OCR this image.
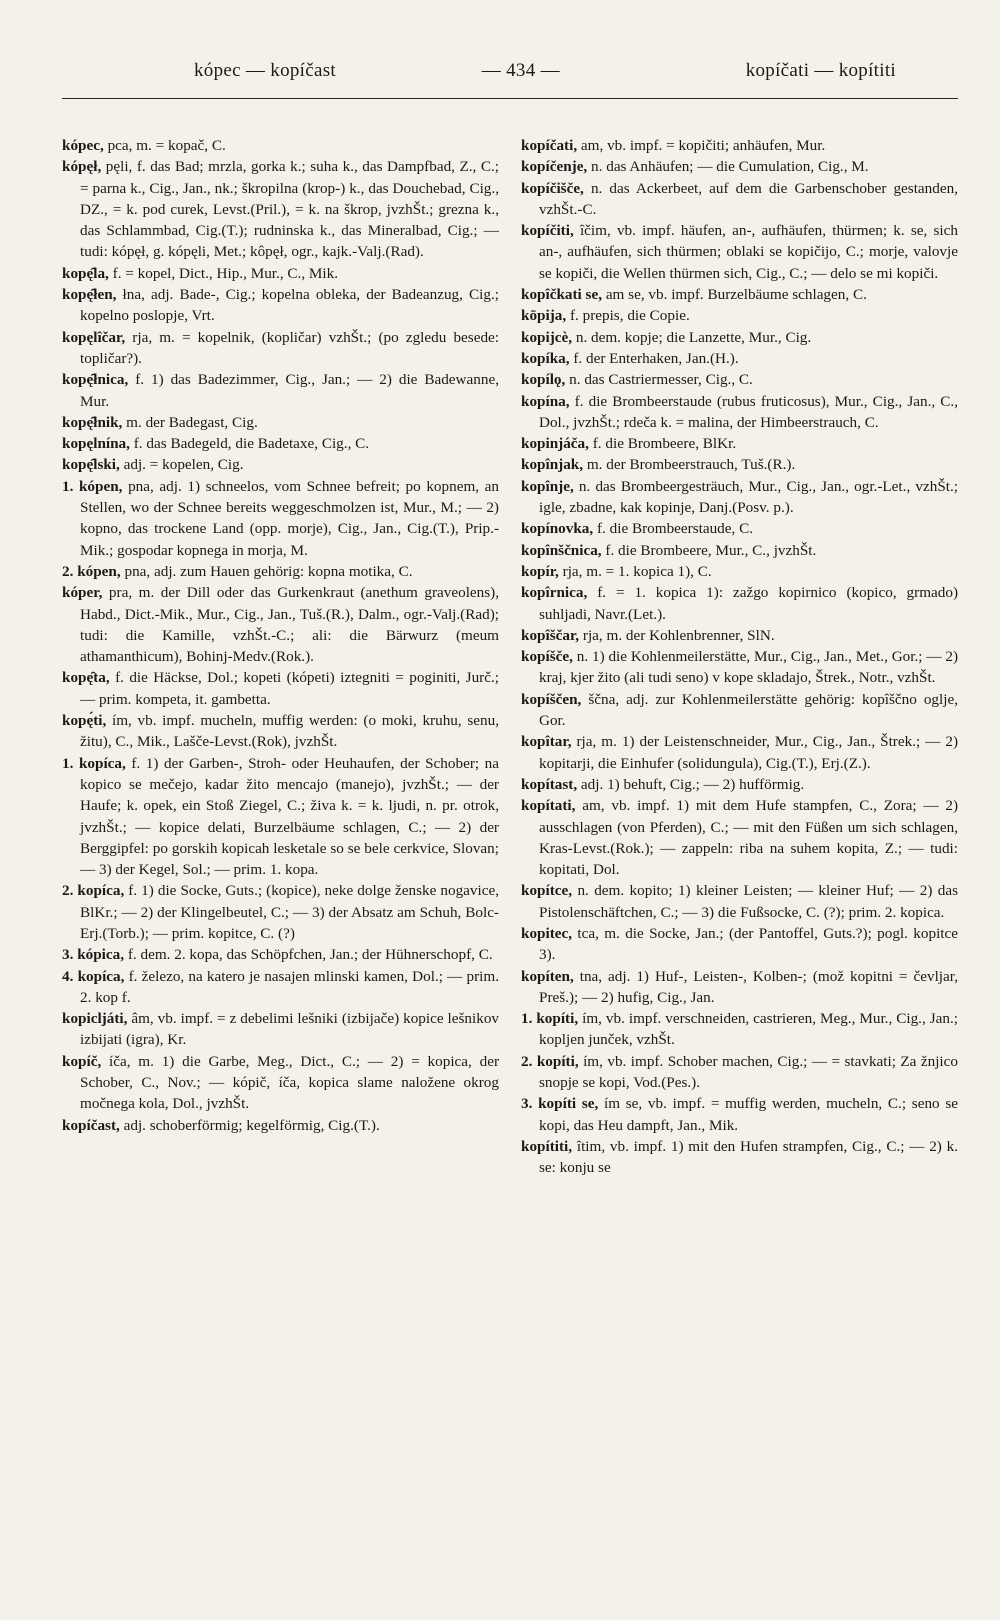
kópec — kopíčast	— 434 —	kopíčati — kopítiti

kópec, pca, m. = kopač, C.

kópęł, pęli, f. das Bad; mrzla, gorka k.; suha k., das Dampfbad, Z., C.; = parna k., Cig., Jan., nk.; škropilna (krop-) k., das Douchebad, Cig., DZ., = k. pod curek, Levst.(Pril.), = k. na škrop, jvzhŠt.; grezna k., das Schlammbad, Cig.(T.); rudninska k., das Mineralbad, Cig.; — tudi: kópęł, g. kópęli, Met.; kôpęł, ogr., kajk.-Valj.(Rad).

kopę̑la, f. = kopel, Dict., Hip., Mur., C., Mik.

kopę̑łen, łna, adj. Bade-, Cig.; kopelna obleka, der Badeanzug, Cig.; kopelno poslopje, Vrt.

kopęlîčar, rja, m. = kopelnik, (kopličar) vzhŠt.; (po zgledu besede: topličar?).

kopę̑łnica, f. 1) das Badezimmer, Cig., Jan.; — 2) die Badewanne, Mur.

kopę̑łnik, m. der Badegast, Cig.

kopęlnína, f. das Badegeld, die Badetaxe, Cig., C.

kopę̑lski, adj. = kopelen, Cig.

1. kópen, pna, adj. 1) schneelos, vom Schnee befreit; po kopnem, an Stellen, wo der Schnee bereits weggeschmolzen ist, Mur., M.; — 2) kopno, das trockene Land (opp. morje), Cig., Jan., Cig.(T.), Prip.-Mik.; gospodar kopnega in morja, M.

2. kópen, pna, adj. zum Hauen gehörig: kopna motika, C.

kóper, pra, m. der Dill oder das Gurkenkraut (anethum graveolens), Habd., Dict.-Mik., Mur., Cig., Jan., Tuš.(R.), Dalm., ogr.-Valj.(Rad); tudi: die Kamille, vzhŠt.-C.; ali: die Bärwurz (meum athamanthicum), Bohinj-Medv.(Rok.).

kopę̑ta, f. die Häckse, Dol.; kopeti (kópeti) iztegniti = poginiti, Jurč.; — prim. kompeta, it. gambetta.

kopę́ti, ím, vb. impf. mucheln, muffig werden: (o moki, kruhu, senu, žitu), C., Mik., Lašče-Levst.(Rok), jvzhŠt.

1. kopíca, f. 1) der Garben-, Stroh- oder Heuhaufen, der Schober; na kopico se mečejo, kadar žito mencajo (manejo), jvzhŠt.; — der Haufe; k. opek, ein Stoß Ziegel, C.; živa k. = k. ljudi, n. pr. otrok, jvzhŠt.; — kopice delati, Burzelbäume schlagen, C.; — 2) der Berggipfel: po gorskih kopicah lesketale so se bele cerkvice, Slovan; — 3) der Kegel, Sol.; — prim. 1. kopa.

2. kopíca, f. 1) die Socke, Guts.; (kopice), neke dolge ženske nogavice, BlKr.; — 2) der Klingelbeutel, C.; — 3) der Absatz am Schuh, Bolc-Erj.(Torb.); — prim. kopitce, C. (?)

3. kópica, f. dem. 2. kopa, das Schöpfchen, Jan.; der Hühnerschopf, C.

4. kopíca, f. železo, na katero je nasajen mlinski kamen, Dol.; — prim. 2. kop f.

kopicljáti, âm, vb. impf. = z debelimi lešniki (izbijače) kopice lešnikov izbijati (igra), Kr.

kopíč, íča, m. 1) die Garbe, Meg., Dict., C.; — 2) = kopica, der Schober, C., Nov.; — kópič, íča, kopica slame naložene okrog močnega kola, Dol., jvzhŠt.

kopíčast, adj. schoberförmig; kegelförmig, Cig.(T.).

kopíčati, am, vb. impf. = kopičiti; anhäufen, Mur.

kopíčenje, n. das Anhäufen; — die Cumulation, Cig., M.

kopíčišče, n. das Ackerbeet, auf dem die Garbenschober gestanden, vzhŠt.-C.

kopíčiti, îčim, vb. impf. häufen, an-, aufhäufen, thürmen; k. se, sich an-, aufhäufen, sich thürmen; oblaki se kopičijo, C.; morje, valovje se kopiči, die Wellen thürmen sich, Cig., C.; — delo se mi kopiči.

kopîčkati se, am se, vb. impf. Burzelbäume schlagen, C.

kōpija, f. prepis, die Copie.

kopijcè, n. dem. kopje; die Lanzette, Mur., Cig.

kopíka, f. der Enterhaken, Jan.(H.).

kopílǫ, n. das Castriermesser, Cig., C.

kopína, f. die Brombeerstaude (rubus fruticosus), Mur., Cig., Jan., C., Dol., jvzhŠt.; rdeča k. = malina, der Himbeerstrauch, C.

kopinjáča, f. die Brombeere, BlKr.

kopînjak, m. der Brombeerstrauch, Tuš.(R.).

kopînje, n. das Brombeergesträuch, Mur., Cig., Jan., ogr.-Let., vzhŠt.; igle, zbadne, kak kopinje, Danj.(Posv. p.).

kopínovka, f. die Brombeerstaude, C.

kopînščnica, f. die Brombeere, Mur., C., jvzhŠt.

kopír, rja, m. = 1. kopica 1), C.

kopîrnica, f. = 1. kopica 1): zažgo kopirnico (kopico, grmado) suhljadi, Navr.(Let.).

kopîščar, rja, m. der Kohlenbrenner, SlN.

kopíšče, n. 1) die Kohlenmeilerstätte, Mur., Cig., Jan., Met., Gor.; — 2) kraj, kjer žito (ali tudi seno) v kope skladajo, Štrek., Notr., vzhŠt.

kopíščen, ščna, adj. zur Kohlenmeilerstätte gehörig: kopîščno oglje, Gor.

kopîtar, rja, m. 1) der Leistenschneider, Mur., Cig., Jan., Štrek.; — 2) kopitarji, die Einhufer (solidungula), Cig.(T.), Erj.(Z.).

kopítast, adj. 1) behuft, Cig.; — 2) hufförmig.

kopítati, am, vb. impf. 1) mit dem Hufe stampfen, C., Zora; — 2) ausschlagen (von Pferden), C.; — mit den Füßen um sich schlagen, Kras-Levst.(Rok.); — zappeln: riba na suhem kopita, Z.; — tudi: kopitati, Dol.

kopítce, n. dem. kopito; 1) kleiner Leisten; — kleiner Huf; — 2) das Pistolenschäftchen, C.; — 3) die Fußsocke, C. (?); prim. 2. kopica.

kopitec, tca, m. die Socke, Jan.; (der Pantoffel, Guts.?); pogl. kopitce 3).

kopíten, tna, adj. 1) Huf-, Leisten-, Kolben-; (mož kopitni = čevljar, Preš.); — 2) hufig, Cig., Jan.

1. kopíti, ím, vb. impf. verschneiden, castrieren, Meg., Mur., Cig., Jan.; kopljen junček, vzhŠt.

2. kopíti, ím, vb. impf. Schober machen, Cig.; — = stavkati; Za žnjico snopje se kopi, Vod.(Pes.).

3. kopíti se, ím se, vb. impf. = muffig werden, mucheln, C.; seno se kopi, das Heu dampft, Jan., Mik.

kopítiti, îtim, vb. impf. 1) mit den Hufen strampfen, Cig., C.; — 2) k. se: konju se
